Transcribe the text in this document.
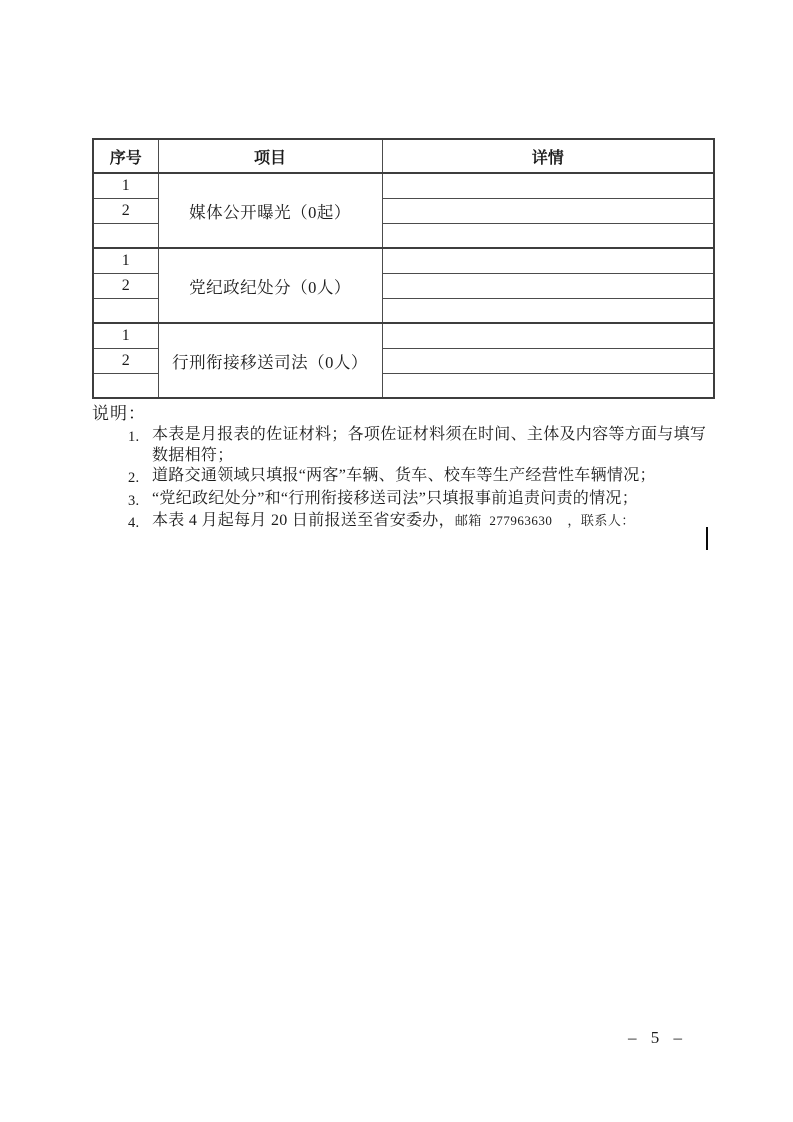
序号	项目	详情
1	媒体公开曝光（0起）	
2		

1	党纪政纪处分（0人）	
2		

1	行刑衔接移送司法（0人）	
2		

说明：
1. 本表是月报表的佐证材料；各项佐证材料须在时间、主体及内容等方面与填写数据相符；
2. 道路交通领域只填报“两客”车辆、货车、校车等生产经营性车辆情况；
3. “党纪政纪处分”和“行刑衔接移送司法”只填报事前追责问责的情况；
4. 本表 4 月起每月 20 日前报送至省安委办，邮箱  277963630    ，联系人：
– 5 –
